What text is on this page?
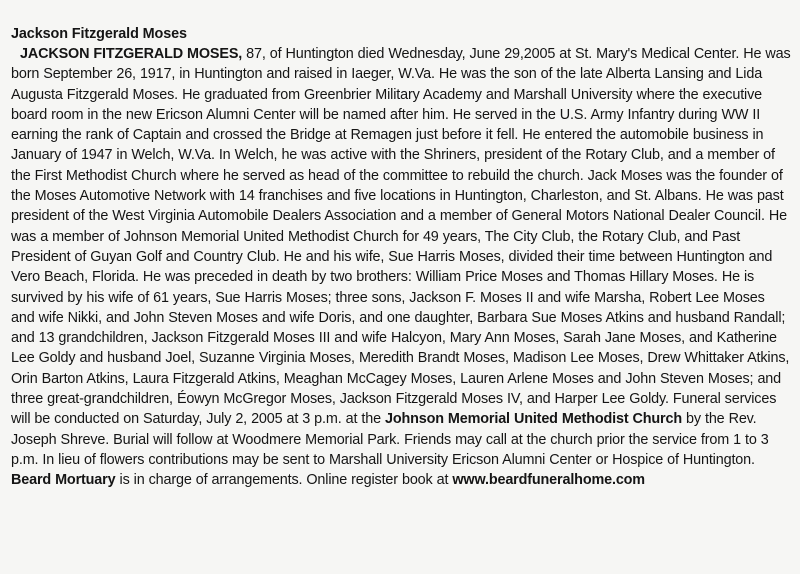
Jackson Fitzgerald Moses

JACKSON FITZGERALD MOSES, 87, of Huntington died Wednesday, June 29,2005 at St. Mary's Medical Center. He was born September 26, 1917, in Huntington and raised in Iaeger, W.Va. He was the son of the late Alberta Lansing and Lida Augusta Fitzgerald Moses. He graduated from Greenbrier Military Academy and Marshall University where the executive board room in the new Ericson Alumni Center will be named after him. He served in the U.S. Army Infantry during WW II earning the rank of Captain and crossed the Bridge at Remagen just before it fell. He entered the automobile business in January of 1947 in Welch, W.Va. In Welch, he was active with the Shriners, president of the Rotary Club, and a member of the First Methodist Church where he served as head of the committee to rebuild the church. Jack Moses was the founder of the Moses Automotive Network with 14 franchises and five locations in Huntington, Charleston, and St. Albans. He was past president of the West Virginia Automobile Dealers Association and a member of General Motors National Dealer Council. He was a member of Johnson Memorial United Methodist Church for 49 years, The City Club, the Rotary Club, and Past President of Guyan Golf and Country Club. He and his wife, Sue Harris Moses, divided their time between Huntington and Vero Beach, Florida. He was preceded in death by two brothers: William Price Moses and Thomas Hillary Moses. He is survived by his wife of 61 years, Sue Harris Moses; three sons, Jackson F. Moses II and wife Marsha, Robert Lee Moses and wife Nikki, and John Steven Moses and wife Doris, and one daughter, Barbara Sue Moses Atkins and husband Randall; and 13 grandchildren, Jackson Fitzgerald Moses III and wife Halcyon, Mary Ann Moses, Sarah Jane Moses, and Katherine Lee Goldy and husband Joel, Suzanne Virginia Moses, Meredith Brandt Moses, Madison Lee Moses, Drew Whittaker Atkins, Orin Barton Atkins, Laura Fitzgerald Atkins, Meaghan McCagey Moses, Lauren Arlene Moses and John Steven Moses; and three great-grandchildren, Éowyn McGregor Moses, Jackson Fitzgerald Moses IV, and Harper Lee Goldy. Funeral services will be conducted on Saturday, July 2, 2005 at 3 p.m. at the Johnson Memorial United Methodist Church by the Rev. Joseph Shreve. Burial will follow at Woodmere Memorial Park. Friends may call at the church prior the service from 1 to 3 p.m. In lieu of flowers contributions may be sent to Marshall University Ericson Alumni Center or Hospice of Huntington. Beard Mortuary is in charge of arrangements. Online register book at www.beardfuneralhome.com
